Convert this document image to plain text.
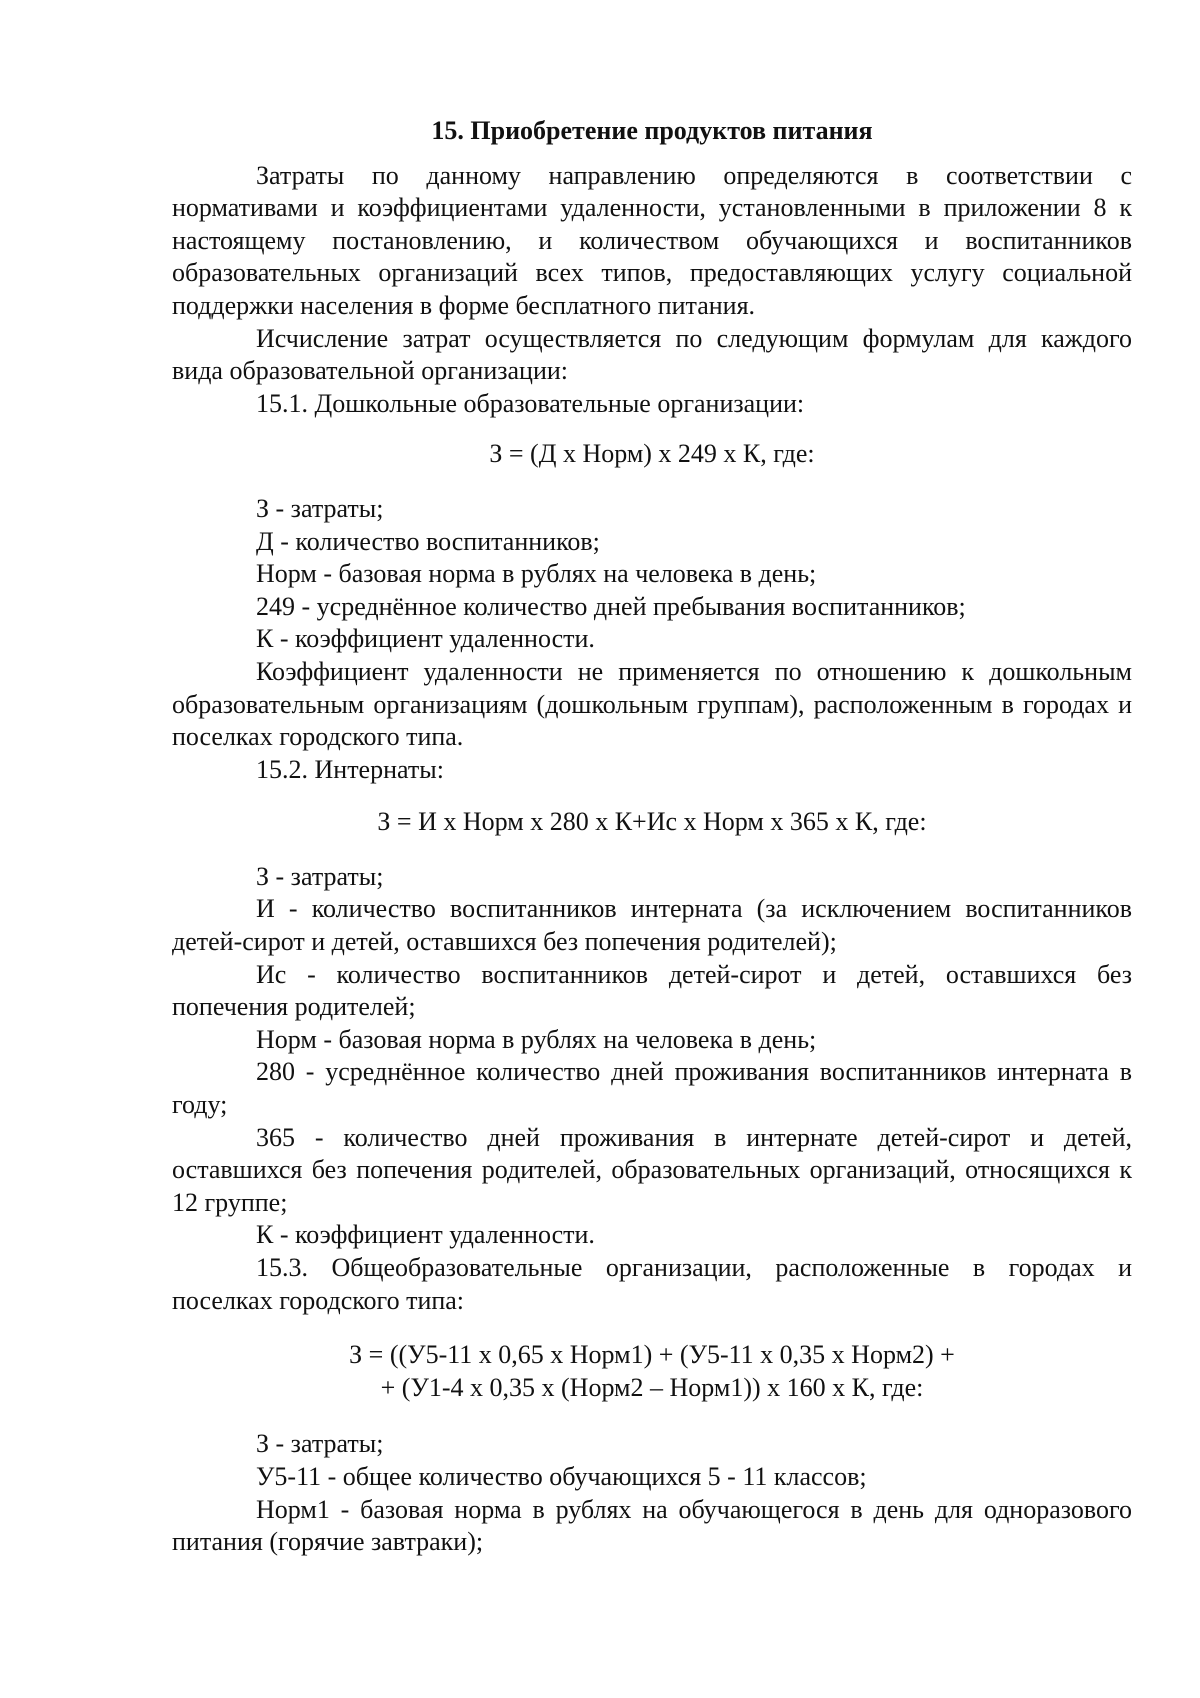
15. Приобретение продуктов питания

Затраты по данному направлению определяются в соответствии с нормативами и коэффициентами удаленности, установленными в приложении 8 к настоящему постановлению, и количеством обучающихся и воспитанников образовательных организаций всех типов, предоставляющих услугу социальной поддержки населения в форме бесплатного питания.

Исчисление затрат осуществляется по следующим формулам для каждого вида образовательной организации:

15.1. Дошкольные образовательные организации:

З = (Д х Норм) х 249 х К, где:

З - затраты;

Д - количество воспитанников;

Норм - базовая норма в рублях на человека в день;

249 - усреднённое количество дней пребывания воспитанников;

К - коэффициент удаленности.

Коэффициент удаленности не применяется по отношению к дошкольным образовательным организациям (дошкольным группам), расположенным в городах и поселках городского типа.

15.2. Интернаты:

З = И х Норм х 280 х К+Ис х Норм х 365 х К, где:

З - затраты;

И - количество воспитанников интерната (за исключением воспитанников детей-сирот и детей, оставшихся без попечения родителей);

Ис - количество воспитанников детей-сирот и детей, оставшихся без попечения родителей;

Норм - базовая норма в рублях на человека в день;

280 - усреднённое количество дней проживания воспитанников интерната в году;

365 - количество дней проживания в интернате детей-сирот и детей, оставшихся без попечения родителей, образовательных организаций, относящихся к 12 группе;

К - коэффициент удаленности.

15.3. Общеобразовательные организации, расположенные в городах и поселках городского типа:

З = ((У5-11 х 0,65 х Норм1) + (У5-11 х 0,35 х Норм2) +
+ (У1-4 х 0,35 х (Норм2 – Норм1)) х 160 х К, где:

З - затраты;

У5-11 - общее количество обучающихся 5 - 11 классов;

Норм1 - базовая норма в рублях на обучающегося в день для одноразового питания (горячие завтраки);
